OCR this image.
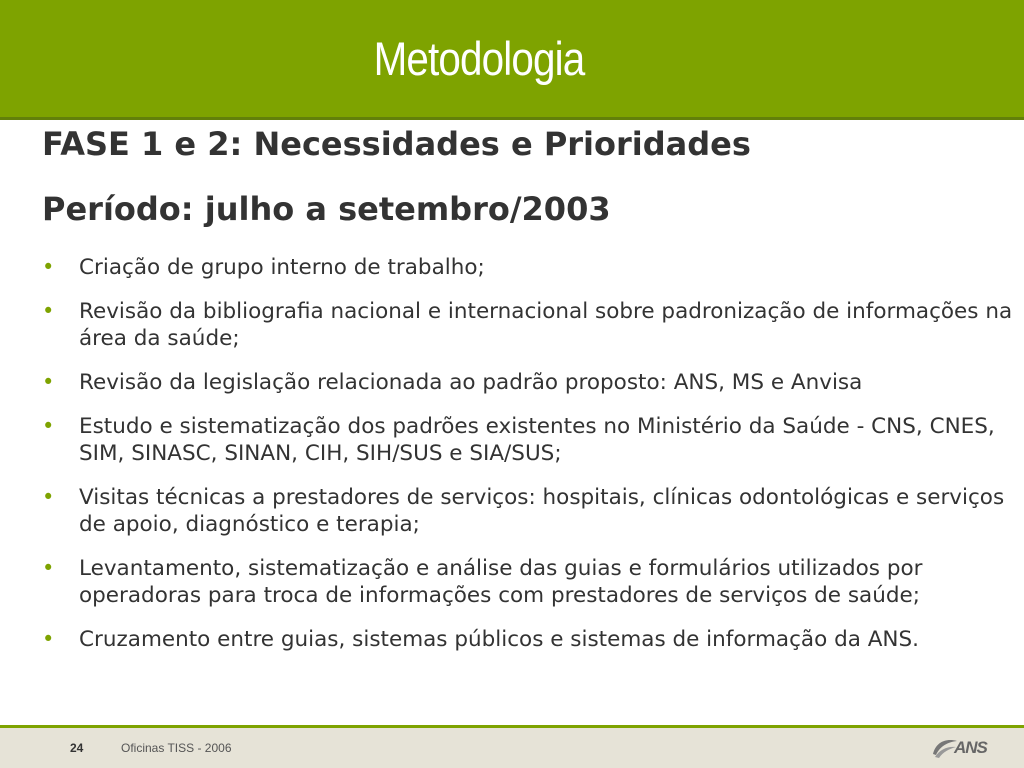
Metodologia
FASE 1 e 2: Necessidades e Prioridades
Período: julho a setembro/2003
• Criação de grupo interno de trabalho;
• Revisão da bibliografia nacional e internacional sobre padronização de informações na área da saúde;
• Revisão da legislação relacionada ao padrão proposto: ANS, MS e Anvisa
• Estudo e sistematização dos padrões existentes no Ministério da Saúde - CNS, CNES, SIM, SINASC, SINAN, CIH, SIH/SUS e SIA/SUS;
• Visitas técnicas a prestadores de serviços: hospitais, clínicas odontológicas e serviços de apoio, diagnóstico e terapia;
• Levantamento, sistematização e análise das guias e formulários utilizados por operadoras para troca de informações com prestadores de serviços de saúde;
• Cruzamento entre guias, sistemas públicos e sistemas de informação da ANS.
24	Oficinas TISS - 2006	ANS
